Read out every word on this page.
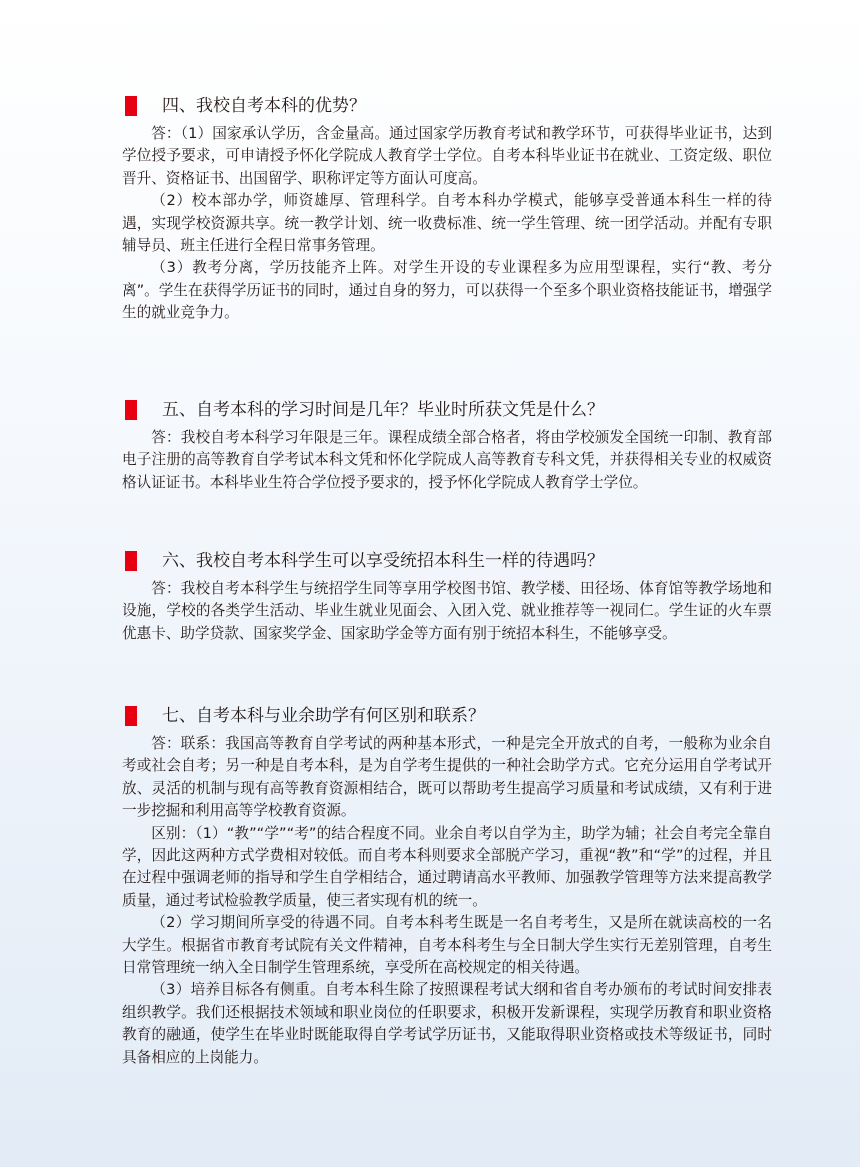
四、我校自考本科的优势？

答：（1）国家承认学历，含金量高。通过国家学历教育考试和教学环节，可获得毕业证书，达到学位授予要求，可申请授予怀化学院成人教育学士学位。自考本科毕业证书在就业、工资定级、职位晋升、资格证书、出国留学、职称评定等方面认可度高。

（2）校本部办学，师资雄厚、管理科学。自考本科办学模式，能够享受普通本科生一样的待遇，实现学校资源共享。统一教学计划、统一收费标准、统一学生管理、统一团学活动。并配有专职辅导员、班主任进行全程日常事务管理。

（3）教考分离，学历技能齐上阵。对学生开设的专业课程多为应用型课程，实行“教、考分离”。学生在获得学历证书的同时，通过自身的努力，可以获得一个至多个职业资格技能证书，增强学生的就业竞争力。

五、自考本科的学习时间是几年？毕业时所获文凭是什么？

答：我校自考本科学习年限是三年。课程成绩全部合格者，将由学校颁发全国统一印制、教育部电子注册的高等教育自学考试本科文凭和怀化学院成人高等教育专科文凭，并获得相关专业的权威资格认证证书。本科毕业生符合学位授予要求的，授予怀化学院成人教育学士学位。

六、我校自考本科学生可以享受统招本科生一样的待遇吗？

答：我校自考本科学生与统招学生同等享用学校图书馆、教学楼、田径场、体育馆等教学场地和设施，学校的各类学生活动、毕业生就业见面会、入团入党、就业推荐等一视同仁。学生证的火车票优惠卡、助学贷款、国家奖学金、国家助学金等方面有别于统招本科生，不能够享受。

七、自考本科与业余助学有何区别和联系？

答：联系：我国高等教育自学考试的两种基本形式，一种是完全开放式的自考，一般称为业余自考或社会自考；另一种是自考本科，是为自学考生提供的一种社会助学方式。它充分运用自学考试开放、灵活的机制与现有高等教育资源相结合，既可以帮助考生提高学习质量和考试成绩，又有利于进一步挖掘和利用高等学校教育资源。

区别：（1）“教”“学”“考”的结合程度不同。业余自考以自学为主，助学为辅；社会自考完全靠自学，因此这两种方式学费相对较低。而自考本科则要求全部脱产学习，重视“教”和“学”的过程，并且在过程中强调老师的指导和学生自学相结合，通过聘请高水平教师、加强教学管理等方法来提高教学质量，通过考试检验教学质量，使三者实现有机的统一。

（2）学习期间所享受的待遇不同。自考本科考生既是一名自考考生，又是所在就读高校的一名大学生。根据省市教育考试院有关文件精神，自考本科考生与全日制大学生实行无差别管理，自考生日常管理统一纳入全日制学生管理系统，享受所在高校规定的相关待遇。

（3）培养目标各有侧重。自考本科生除了按照课程考试大纲和省自考办颁布的考试时间安排表组织教学。我们还根据技术领域和职业岗位的任职要求，积极开发新课程，实现学历教育和职业资格教育的融通，使学生在毕业时既能取得自学考试学历证书，又能取得职业资格或技术等级证书，同时具备相应的上岗能力。
